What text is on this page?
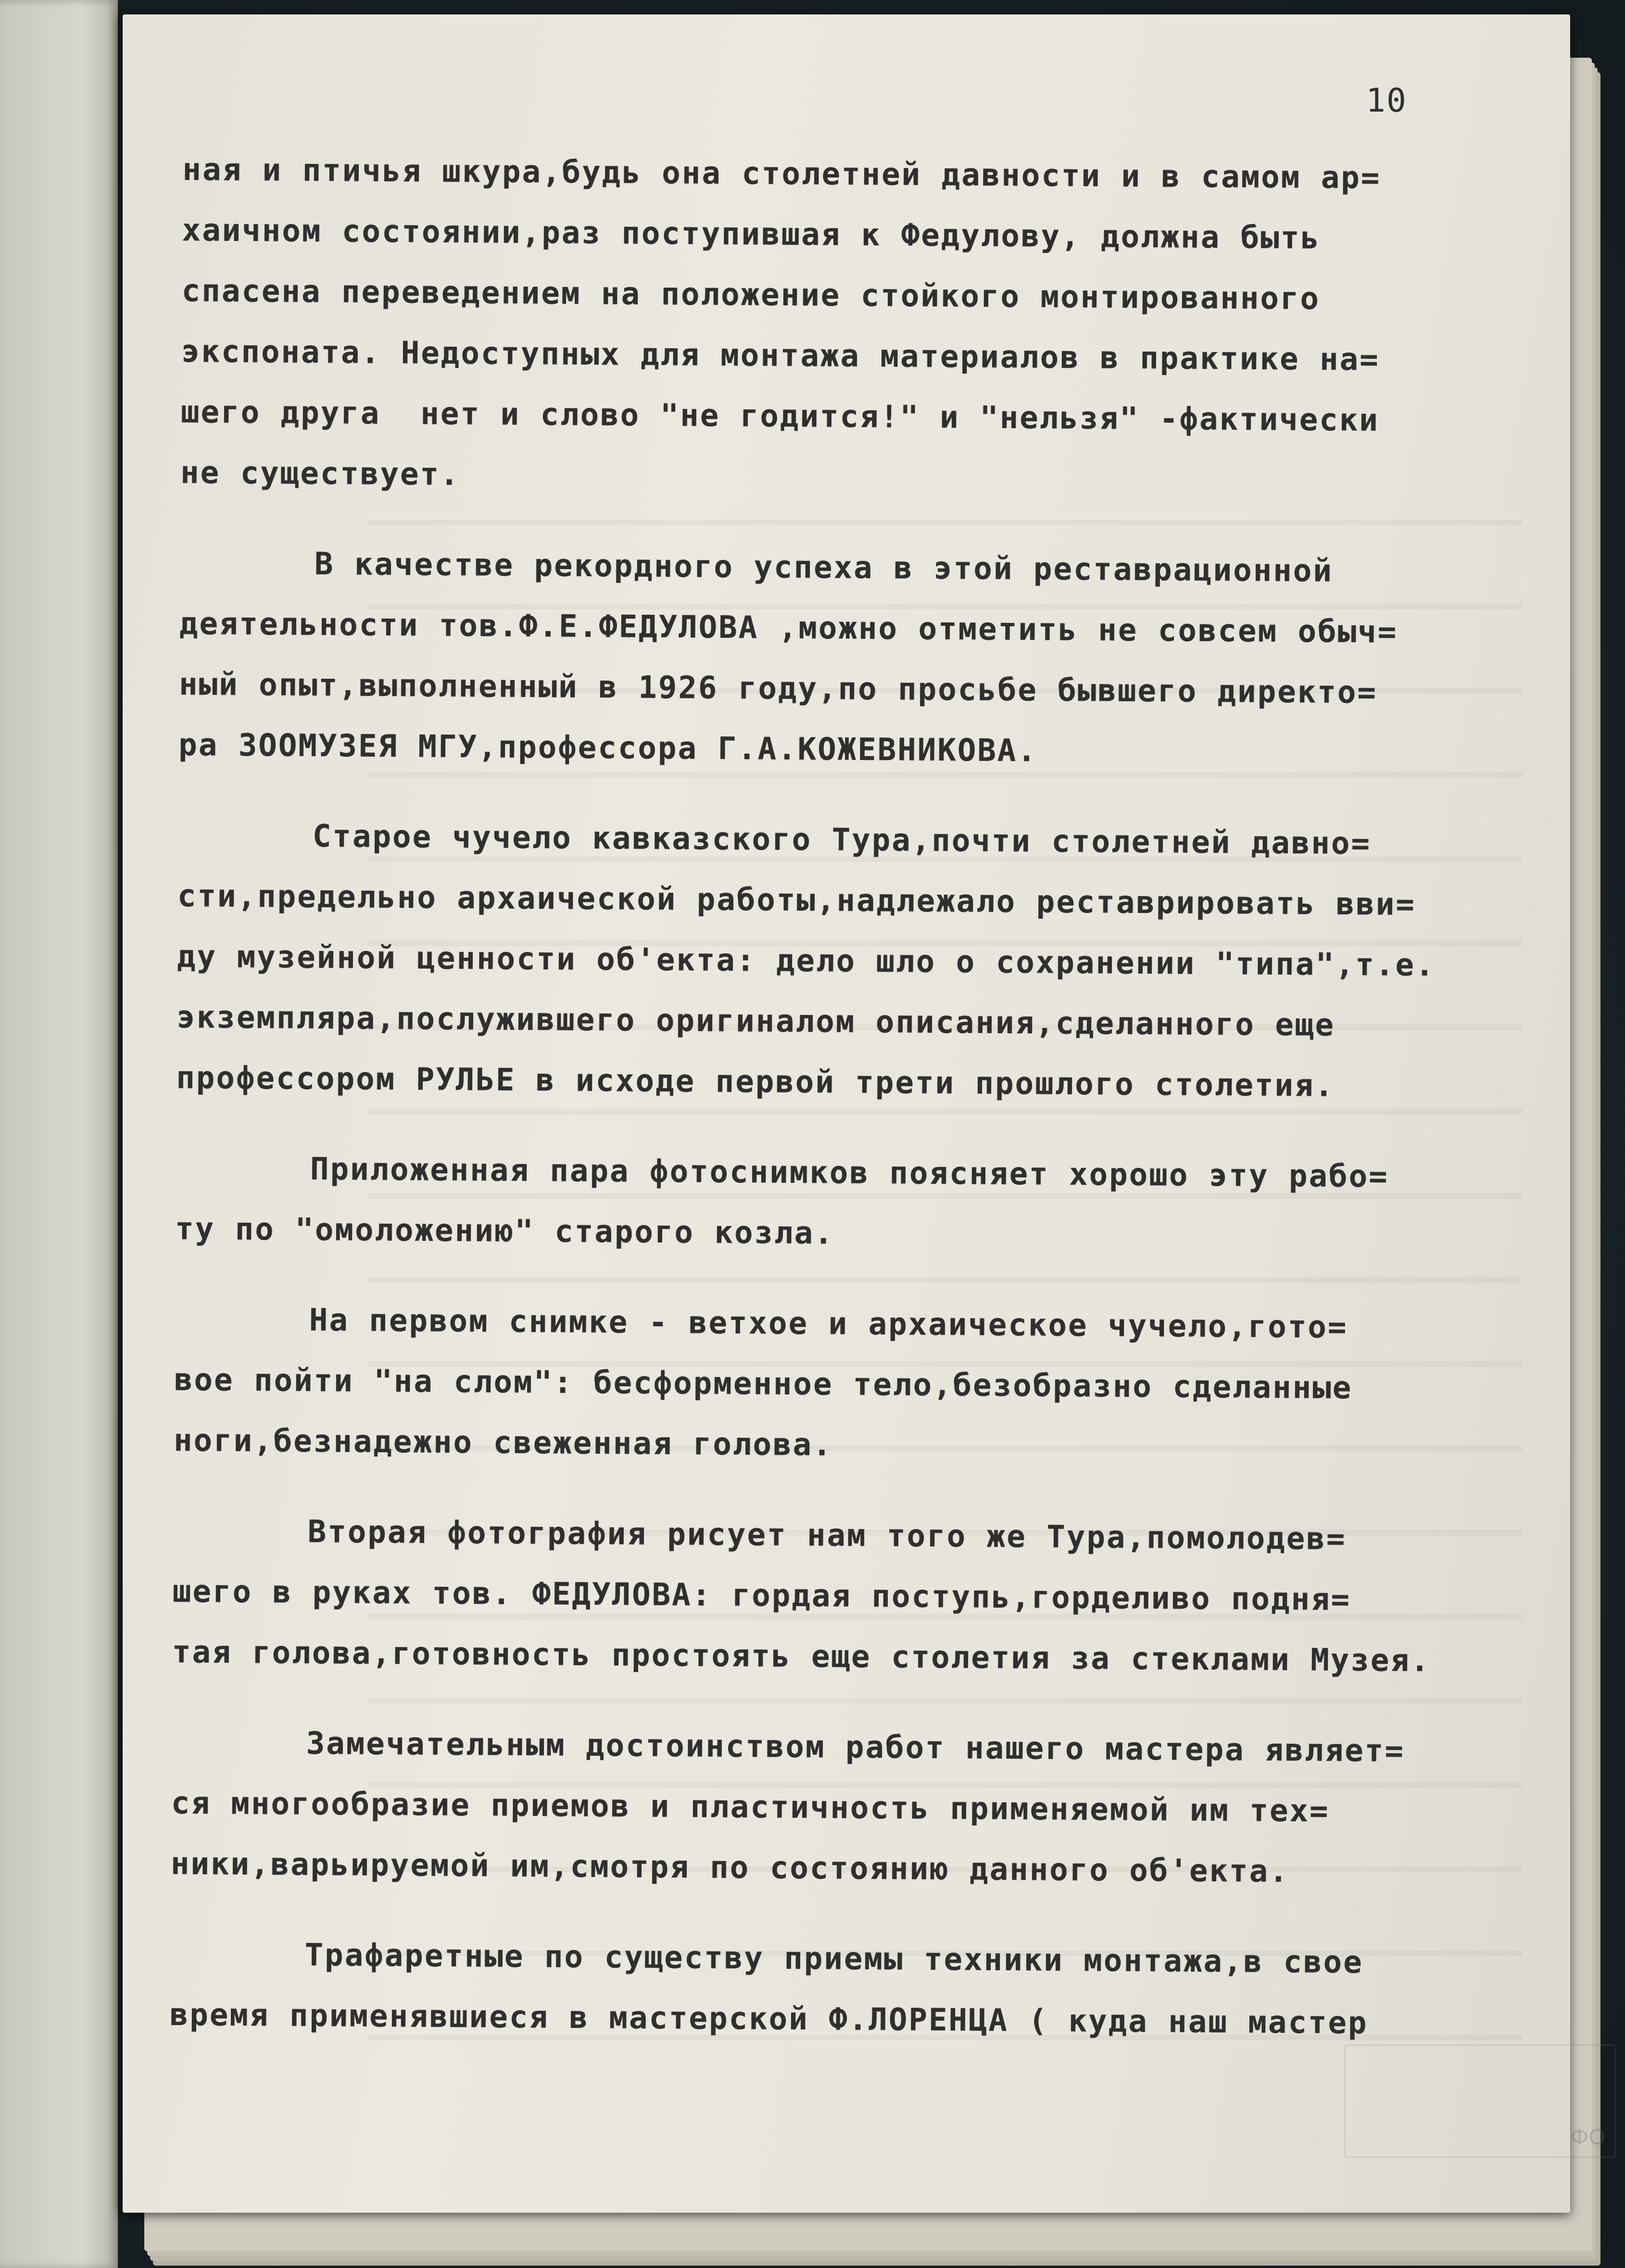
ФО
10
ная и птичья шкура,будь она столетней давности и в самом ар=
хаичном состоянии,раз поступившая к Федулову, должна быть
спасена переведением на положение стойкого монтированного
экспоната. Недоступных для монтажа материалов в практике на=
шего друга  нет и слово "не годится!" и "нельзя" -фактически
не существует.
В качестве рекордного успеха в этой реставрационной
деятельности тов.Ф.Е.ФЕДУЛОВА ,можно отметить не совсем обыч=
ный опыт,выполненный в 1926 году,по просьбе бывшего директо=
ра ЗООМУЗЕЯ МГУ,профессора Г.А.КОЖЕВНИКОВА.
Старое чучело кавказского Тура,почти столетней давно=
сти,предельно архаической работы,надлежало реставрировать вви=
ду музейной ценности об'екта: дело шло о сохранении "типа",т.е.
экземпляра,послужившего оригиналом описания,сделанного еще
профессором РУЛЬЕ в исходе первой трети прошлого столетия.
Приложенная пара фотоснимков поясняет хорошо эту рабо=
ту по "омоложению" старого козла.
На первом снимке - ветхое и архаическое чучело,гото=
вое пойти "на слом": бесформенное тело,безобразно сделанные
ноги,безнадежно свеженная голова.
Вторая фотография рисует нам того же Тура,помолодев=
шего в руках тов. ФЕДУЛОВА: гордая поступь,горделиво подня=
тая голова,готовность простоять еще столетия за стеклами Музея.
Замечательным достоинством работ нашего мастера являет=
ся многообразие приемов и пластичность применяемой им тех=
ники,варьируемой им,смотря по состоянию данного об'екта.
Трафаретные по существу приемы техники монтажа,в свое
время применявшиеся в мастерской Ф.ЛОРЕНЦА ( куда наш мастер
